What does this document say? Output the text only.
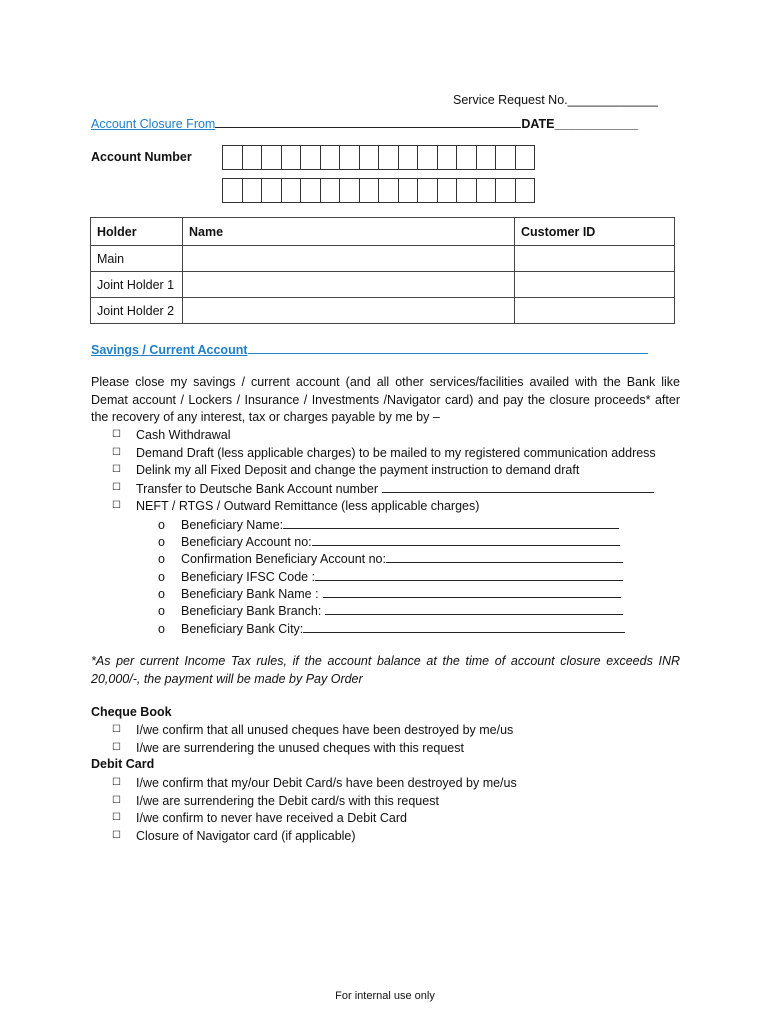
Service Request No._____________
Account Closure From	DATE____________
Account Number
Holder	Name	Customer ID
Main		
Joint Holder 1		
Joint Holder 2		
Savings / Current Account
Please close my savings / current account (and all other services/facilities availed with the Bank like Demat account / Lockers / Insurance / Investments /Navigator card) and pay the closure proceeds* after the recovery of any interest, tax or charges payable by me by –
☐ Cash Withdrawal
☐ Demand Draft (less applicable charges) to be mailed to my registered communication address
☐ Delink my all Fixed Deposit and change the payment instruction to demand draft
☐ Transfer to Deutsche Bank Account number
☐ NEFT / RTGS / Outward Remittance (less applicable charges)
o Beneficiary Name:
o Beneficiary Account no:
o Confirmation Beneficiary Account no:
o Beneficiary IFSC Code :
o Beneficiary Bank Name :
o Beneficiary Bank Branch:
o Beneficiary Bank City:
*As per current Income Tax rules, if the account balance at the time of account closure exceeds INR 20,000/-, the payment will be made by Pay Order
Cheque Book
☐ I/we confirm that all unused cheques have been destroyed by me/us
☐ I/we are surrendering the unused cheques with this request
Debit Card
☐ I/we confirm that my/our Debit Card/s have been destroyed by me/us
☐ I/we are surrendering the Debit card/s with this request
☐ I/we confirm to never have received a Debit Card
☐ Closure of Navigator card (if applicable)
For internal use only
